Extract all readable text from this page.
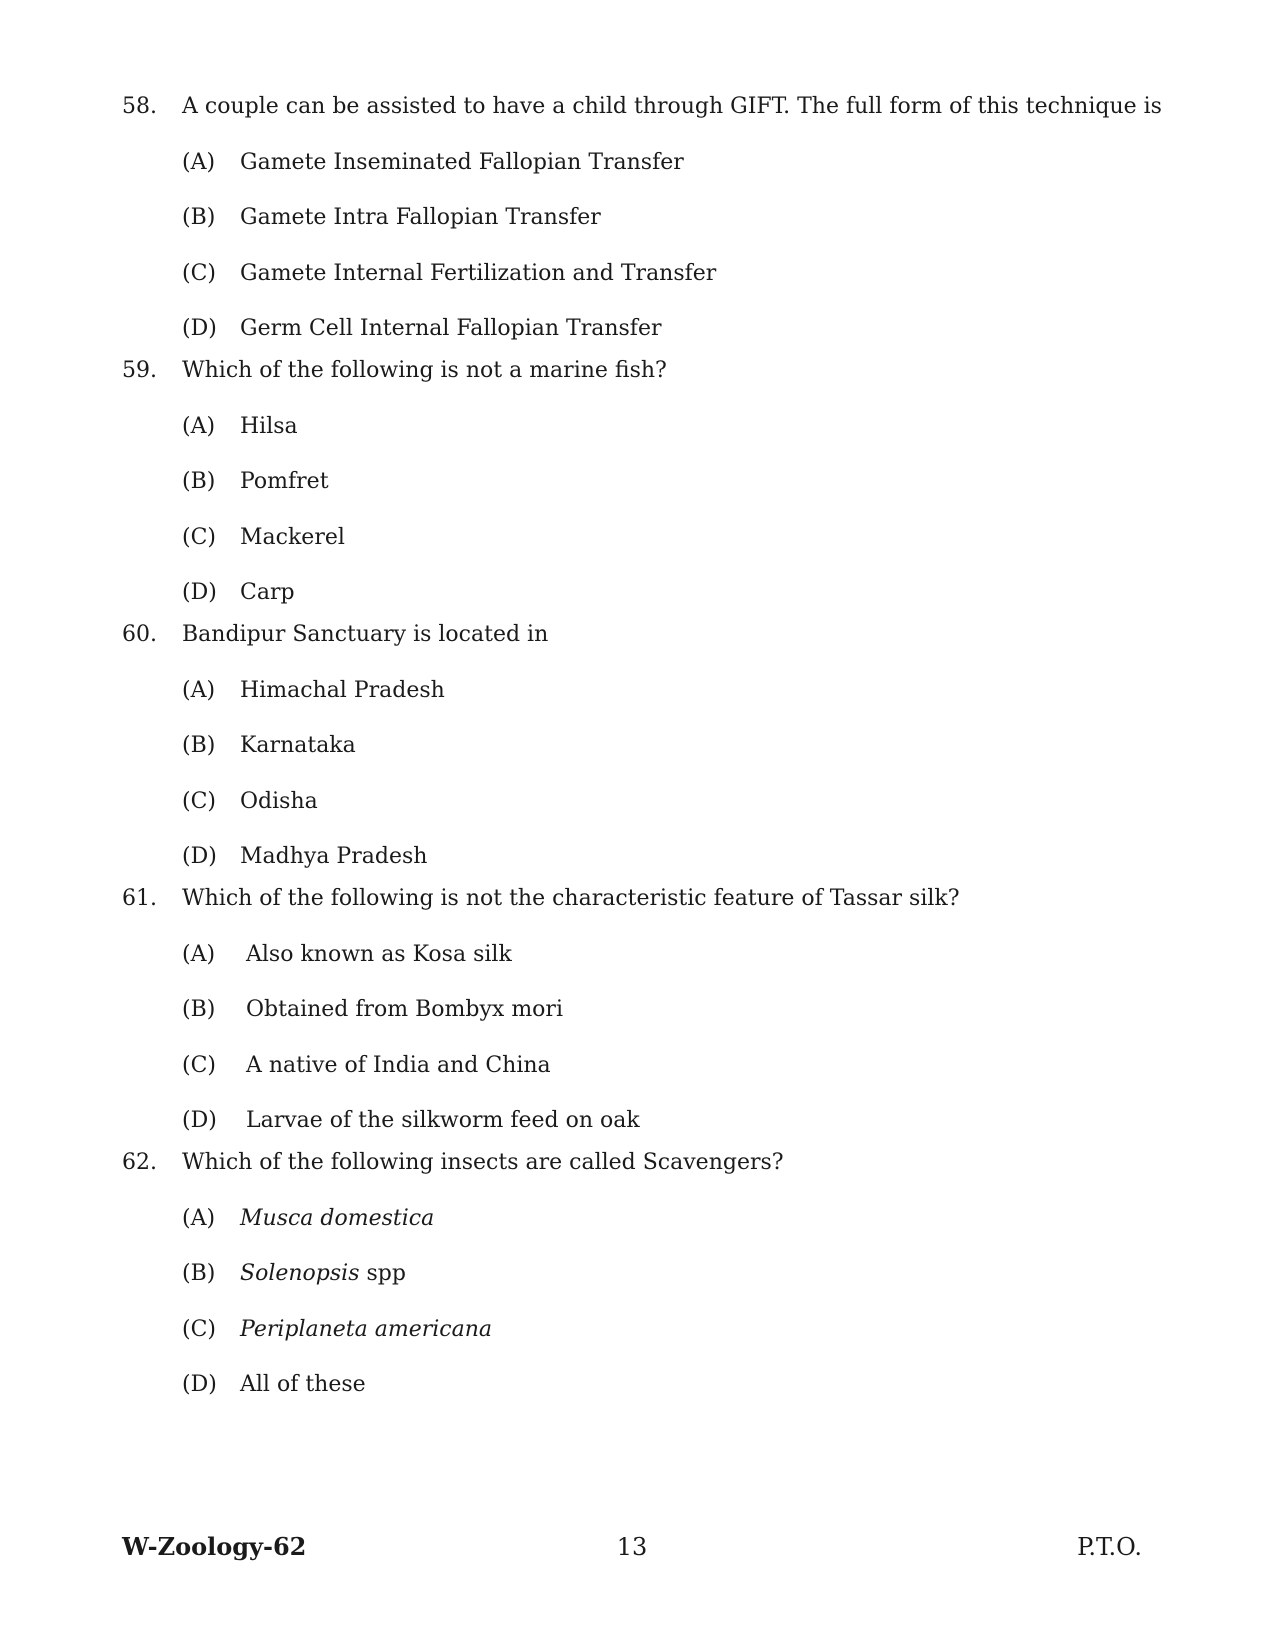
58.	A couple can be assisted to have a child through GIFT. The full form of this technique is
(A)	Gamete Inseminated Fallopian Transfer
(B)	Gamete Intra Fallopian Transfer
(C)	Gamete Internal Fertilization and Transfer
(D)	Germ Cell Internal Fallopian Transfer
59.	Which of the following is not a marine fish?
(A)	Hilsa
(B)	Pomfret
(C)	Mackerel
(D)	Carp
60.	Bandipur Sanctuary is located in
(A)	Himachal Pradesh
(B)	Karnataka
(C)	Odisha
(D)	Madhya Pradesh
61.	Which of the following is not the characteristic feature of Tassar silk?
(A)	Also known as Kosa silk
(B)	Obtained from Bombyx mori
(C)	A native of India and China
(D)	Larvae of the silkworm feed on oak
62.	Which of the following insects are called Scavengers?
(A)	Musca domestica
(B)	Solenopsis spp
(C)	Periplaneta americana
(D)	All of these
W-Zoology-62	13	P.T.O.
